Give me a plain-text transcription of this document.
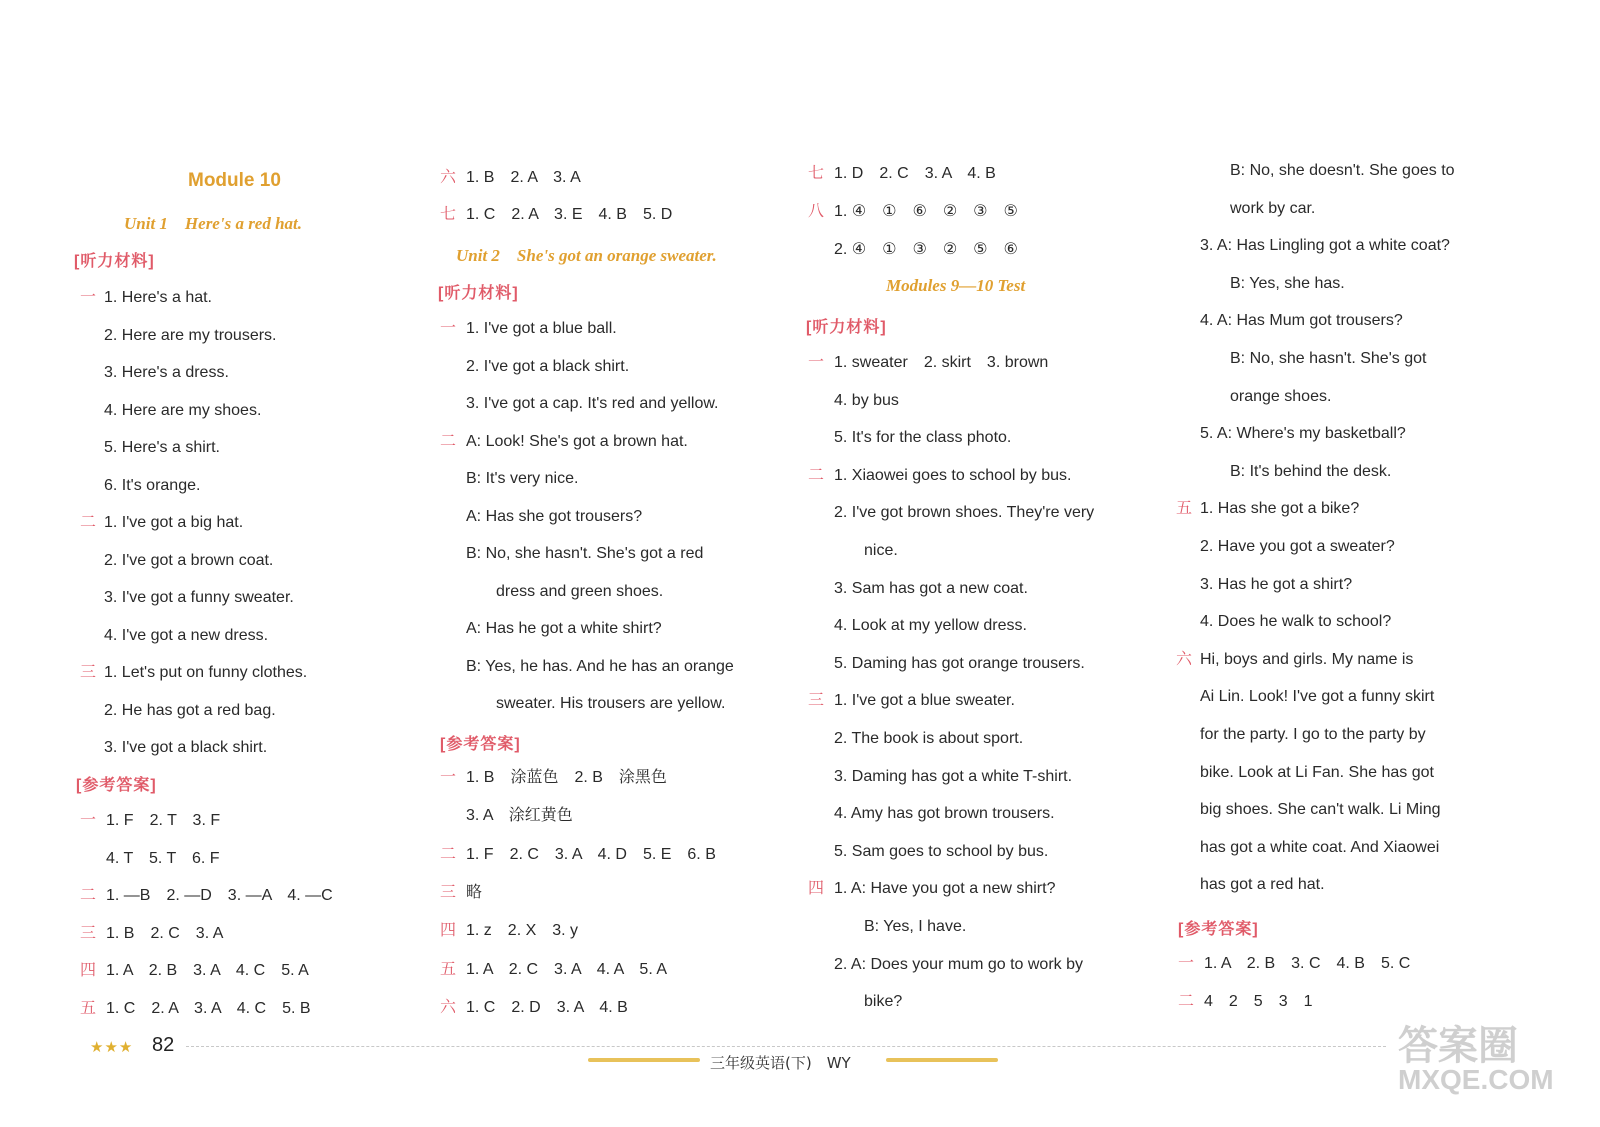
Module 10
Unit 1　Here's a red hat.
[听力材料]
一 1. Here's a hat.
2. Here are my trousers.
3. Here's a dress.
4. Here are my shoes.
5. Here's a shirt.
6. It's orange.
二 1. I've got a big hat.
2. I've got a brown coat.
3. I've got a funny sweater.
4. I've got a new dress.
三 1. Let's put on funny clothes.
2. He has got a red bag.
3. I've got a black shirt.
[参考答案]
一 1. F　2. T　3. F
4. T　5. T　6. F
二 1. —B　2. —D　3. —A　4. —C
三 1. B　2. C　3. A
四 1. A　2. B　3. A　4. C　5. A
五 1. C　2. A　3. A　4. C　5. B
六 1. B　2. A　3. A
七 1. C　2. A　3. E　4. B　5. D
Unit 2　She's got an orange sweater.
[听力材料]
一 1. I've got a blue ball.
2. I've got a black shirt.
3. I've got a cap. It's red and yellow.
二 A: Look! She's got a brown hat.
B: It's very nice.
A: Has she got trousers?
B: No, she hasn't. She's got a red
dress and green shoes.
A: Has he got a white shirt?
B: Yes, he has. And he has an orange
sweater. His trousers are yellow.
[参考答案]
一 1. B　涂蓝色　2. B　涂黑色
3. A　涂红黄色
二 1. F　2. C　3. A　4. D　5. E　6. B
三 略
四 1. z　2. X　3. y
五 1. A　2. C　3. A　4. A　5. A
六 1. C　2. D　3. A　4. B
七 1. D　2. C　3. A　4. B
八 1. ④　①　⑥　②　③　⑤
2. ④　①　③　②　⑤　⑥
Modules 9—10 Test
[听力材料]
一 1. sweater　2. skirt　3. brown
4. by bus
5. It's for the class photo.
二 1. Xiaowei goes to school by bus.
2. I've got brown shoes. They're very
nice.
3. Sam has got a new coat.
4. Look at my yellow dress.
5. Daming has got orange trousers.
三 1. I've got a blue sweater.
2. The book is about sport.
3. Daming has got a white T-shirt.
4. Amy has got brown trousers.
5. Sam goes to school by bus.
四 1. A: Have you got a new shirt?
B: Yes, I have.
2. A: Does your mum go to work by
bike?
B: No, she doesn't. She goes to
work by car.
3. A: Has Lingling got a white coat?
B: Yes, she has.
4. A: Has Mum got trousers?
B: No, she hasn't. She's got
orange shoes.
5. A: Where's my basketball?
B: It's behind the desk.
五 1. Has she got a bike?
2. Have you got a sweater?
3. Has he got a shirt?
4. Does he walk to school?
六 Hi, boys and girls. My name is
Ai Lin. Look! I've got a funny skirt
for the party. I go to the party by
bike. Look at Li Fan. She has got
big shoes. She can't walk. Li Ming
has got a white coat. And Xiaowei
has got a red hat.
[参考答案]
一 1. A　2. B　3. C　4. B　5. C
二 4　2　5　3　1
★★★ 82
三年级英语(下)　WY	答案圈
MXQE.COM
